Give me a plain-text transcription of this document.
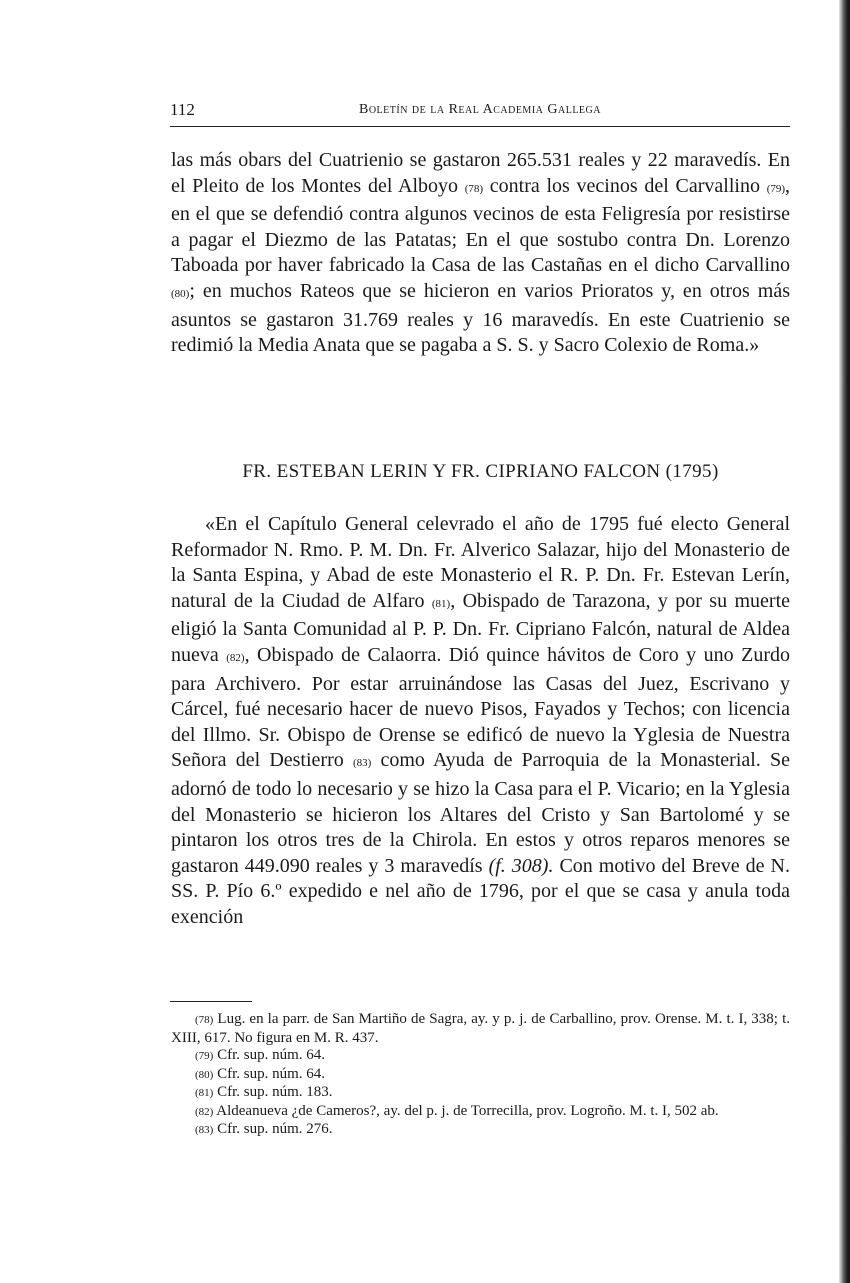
112	Boletín de la Real Academia Gallega

las más obars del Cuatrienio se gastaron 265.531 reales y 22 maravedís. En el Pleito de los Montes del Alboyo (78) contra los vecinos del Carvallino (79), en el que se defendió contra algunos vecinos de esta Feligresía por resistirse a pagar el Diezmo de las Patatas; En el que sostubo contra Dn. Lorenzo Taboada por haver fabricado la Casa de las Castañas en el dicho Carvallino (80); en muchos Rateos que se hicieron en varios Prioratos y, en otros más asuntos se gastaron 31.769 reales y 16 maravedís. En este Cuatrienio se redimió la Media Anata que se pagaba a S. S. y Sacro Colexio de Roma.»

FR. ESTEBAN LERIN Y FR. CIPRIANO FALCON (1795)

«En el Capítulo General celevrado el año de 1795 fué electo General Reformador N. Rmo. P. M. Dn. Fr. Alverico Salazar, hijo del Monasterio de la Santa Espina, y Abad de este Monasterio el R. P. Dn. Fr. Estevan Lerín, natural de la Ciudad de Alfaro (81), Obispado de Tarazona, y por su muerte eligió la Santa Comunidad al P. P. Dn. Fr. Cipriano Falcón, natural de Aldea nueva (82), Obispado de Calaorra. Dió quince hávitos de Coro y uno Zurdo para Archivero. Por estar arruinándose las Casas del Juez, Escrivano y Cárcel, fué necesario hacer de nuevo Pisos, Fayados y Techos; con licencia del Illmo. Sr. Obispo de Orense se edificó de nuevo la Yglesia de Nuestra Señora del Destierro (83) como Ayuda de Parroquia de la Monasterial. Se adornó de todo lo necesario y se hizo la Casa para el P. Vicario; en la Yglesia del Monasterio se hicieron los Altares del Cristo y San Bartolomé y se pintaron los otros tres de la Chirola. En estos y otros reparos menores se gastaron 449.090 reales y 3 maravedís (f. 308). Con motivo del Breve de N. SS. P. Pío 6.º expedido e nel año de 1796, por el que se casa y anula toda exención

(78) Lug. en la parr. de San Martiño de Sagra, ay. y p. j. de Carballino, prov. Orense. M. t. I, 338; t. XIII, 617. No figura en M. R. 437.

(79) Cfr. sup. núm. 64.

(80) Cfr. sup. núm. 64.

(81) Cfr. sup. núm. 183.

(82) Aldeanueva ¿de Cameros?, ay. del p. j. de Torrecilla, prov. Logroño. M. t. I, 502 ab.

(83) Cfr. sup. núm. 276.
